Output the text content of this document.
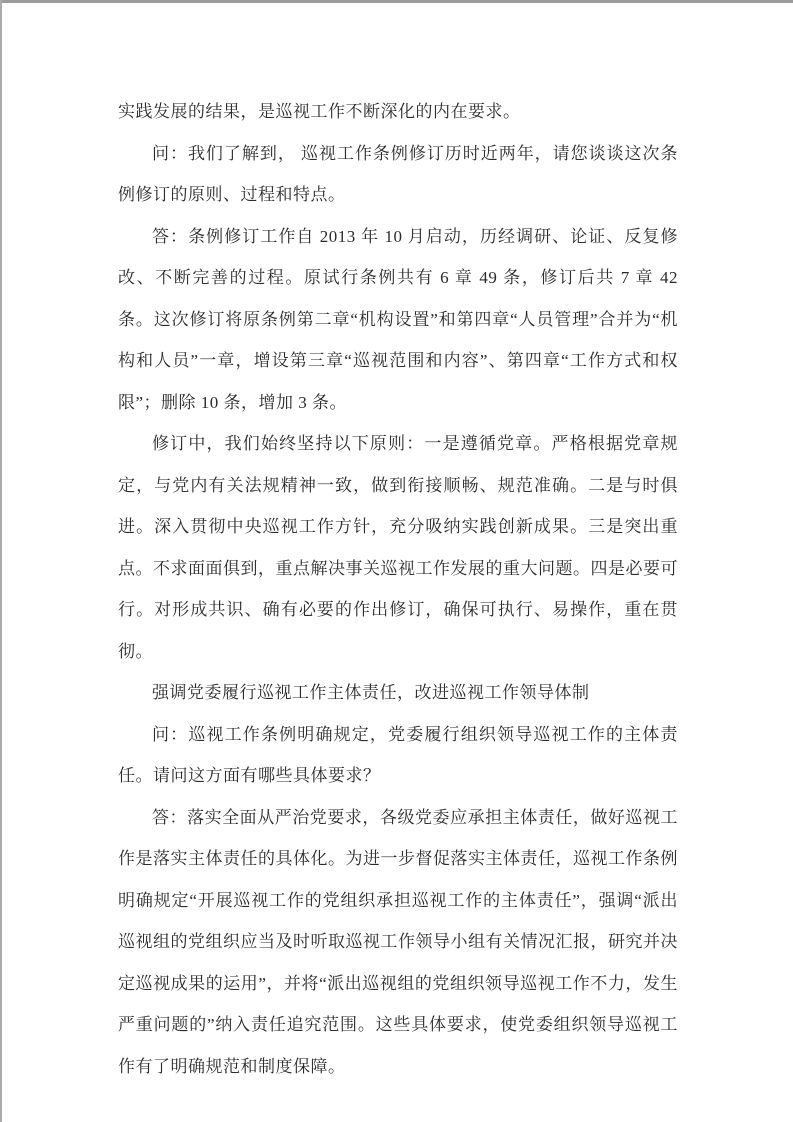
实践发展的结果，是巡视工作不断深化的内在要求。

问：我们了解到， 巡视工作条例修订历时近两年，请您谈谈这次条例修订的原则、过程和特点。

答：条例修订工作自 2013 年 10 月启动，历经调研、论证、反复修改、不断完善的过程。原试行条例共有 6 章 49 条，修订后共 7 章 42 条。这次修订将原条例第二章“机构设置”和第四章“人员管理”合并为“机构和人员”一章，增设第三章“巡视范围和内容”、第四章“工作方式和权限”；删除 10 条，增加 3 条。

修订中，我们始终坚持以下原则：一是遵循党章。严格根据党章规定，与党内有关法规精神一致，做到衔接顺畅、规范准确。二是与时俱进。深入贯彻中央巡视工作方针，充分吸纳实践创新成果。三是突出重点。不求面面俱到，重点解决事关巡视工作发展的重大问题。四是必要可行。对形成共识、确有必要的作出修订，确保可执行、易操作，重在贯彻。

强调党委履行巡视工作主体责任，改进巡视工作领导体制

问：巡视工作条例明确规定，党委履行组织领导巡视工作的主体责任。请问这方面有哪些具体要求？

答：落实全面从严治党要求，各级党委应承担主体责任，做好巡视工作是落实主体责任的具体化。为进一步督促落实主体责任，巡视工作条例明确规定“开展巡视工作的党组织承担巡视工作的主体责任”，强调“派出巡视组的党组织应当及时听取巡视工作领导小组有关情况汇报，研究并决定巡视成果的运用”，并将“派出巡视组的党组织领导巡视工作不力，发生严重问题的”纳入责任追究范围。这些具体要求，使党委组织领导巡视工作有了明确规范和制度保障。
